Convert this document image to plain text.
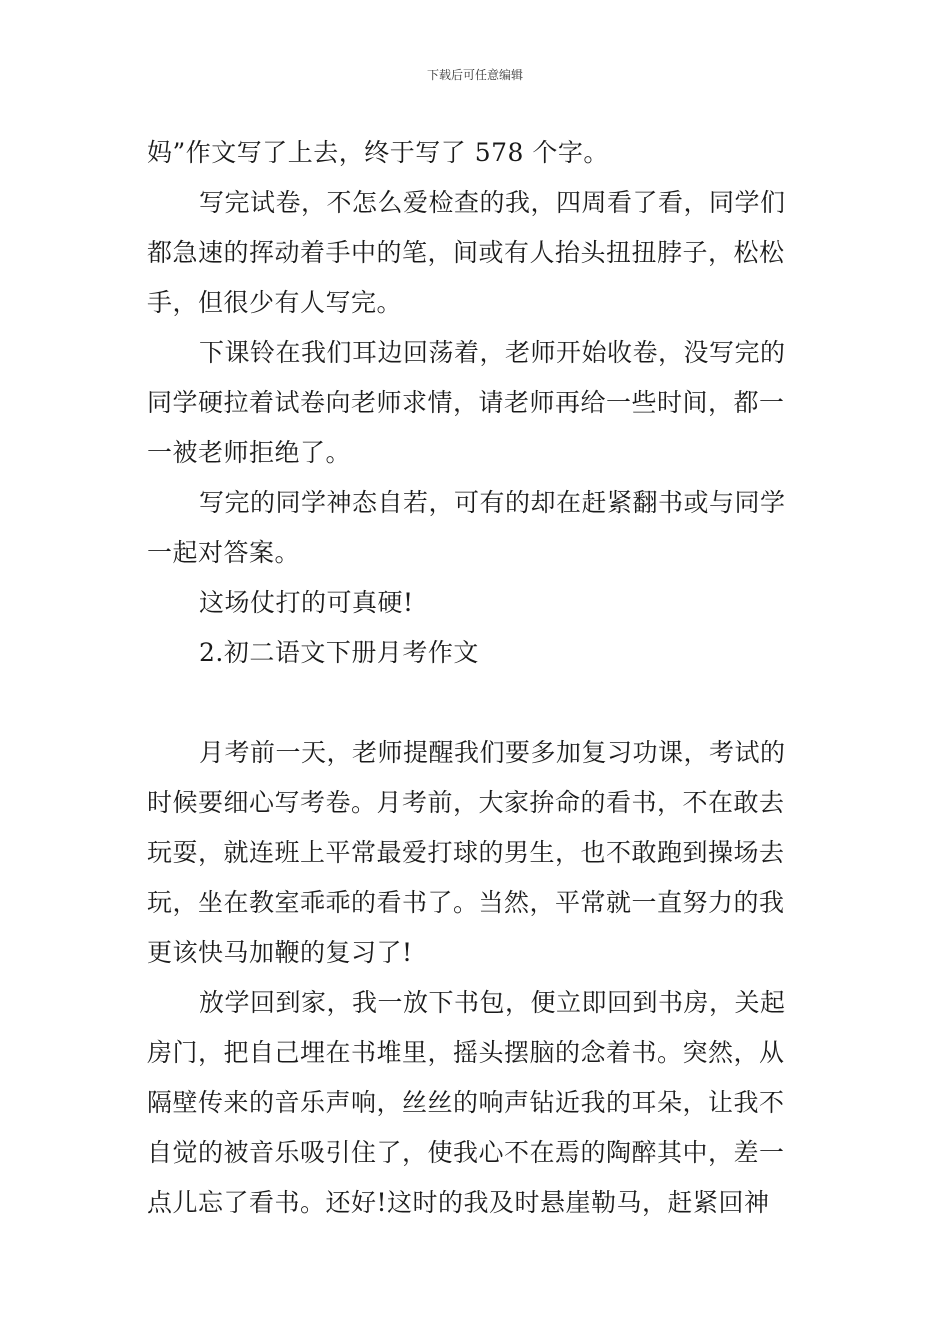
下载后可任意编辑
妈”作文写了上去，终于写了 578 个字。
写完试卷，不怎么爱检查的我，四周看了看，同学们
都急速的挥动着手中的笔，间或有人抬头扭扭脖子，松松
手，但很少有人写完。
下课铃在我们耳边回荡着，老师开始收卷，没写完的
同学硬拉着试卷向老师求情，请老师再给一些时间，都一
一被老师拒绝了。
写完的同学神态自若，可有的却在赶紧翻书或与同学
一起对答案。
这场仗打的可真硬!
2.初二语文下册月考作文
月考前一天，老师提醒我们要多加复习功课，考试的
时候要细心写考卷。月考前，大家拚命的看书，不在敢去
玩耍，就连班上平常最爱打球的男生，也不敢跑到操场去
玩，坐在教室乖乖的看书了。当然，平常就一直努力的我
更该快马加鞭的复习了!
放学回到家，我一放下书包，便立即回到书房，关起
房门，把自己埋在书堆里，摇头摆脑的念着书。突然，从
隔壁传来的音乐声响，丝丝的响声钻近我的耳朵，让我不
自觉的被音乐吸引住了，使我心不在焉的陶醉其中，差一
点儿忘了看书。还好!这时的我及时悬崖勒马，赶紧回神
